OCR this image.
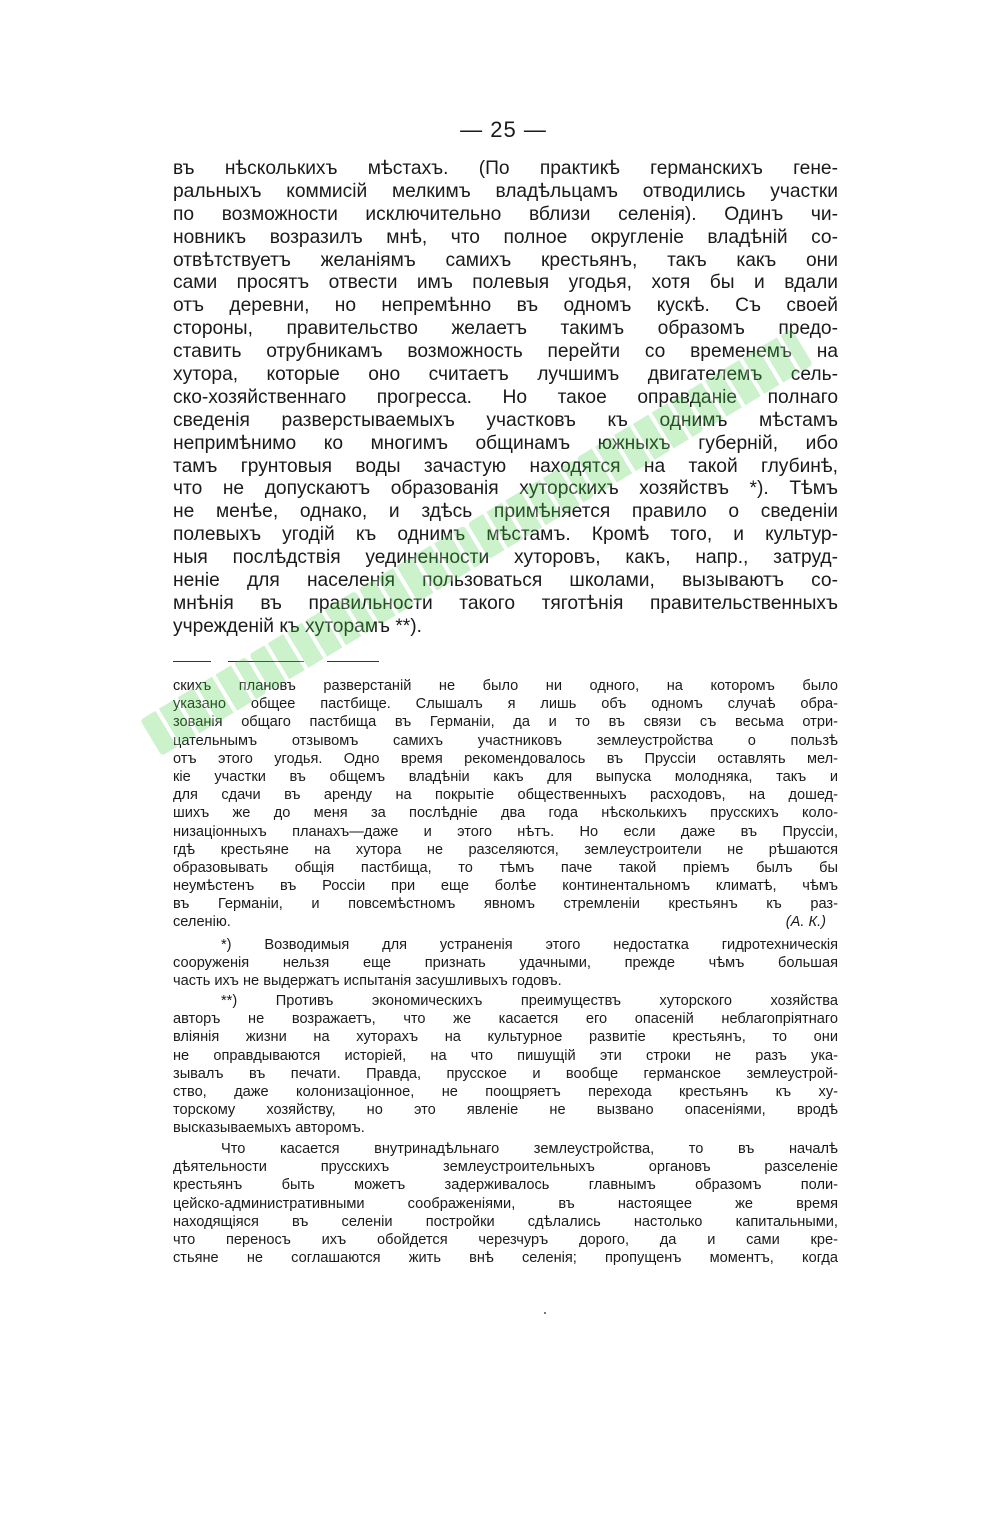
— 25 —
въ нѣсколькихъ мѣстахъ. (По практикѣ германскихъ гене-
ральныхъ коммисій мелкимъ владѣльцамъ отводились участки
по возможности исключительно вблизи селенія). Одинъ чи-
новникъ возразилъ мнѣ, что полное округленіе владѣній со-
отвѣтствуетъ желаніямъ самихъ крестьянъ, такъ какъ они
сами просятъ отвести имъ полевыя угодья, хотя бы и вдали
отъ деревни, но непремѣнно въ одномъ кускѣ. Съ своей
стороны, правительство желаетъ такимъ образомъ предо-
ставить отрубникамъ возможность перейти со временемъ на
хутора, которые оно считаетъ лучшимъ двигателемъ сель-
ско-хозяйственнаго прогресса. Но такое оправданіе полнаго
сведенія разверстываемыхъ участковъ къ однимъ мѣстамъ
непримѣнимо ко многимъ общинамъ южныхъ губерній, ибо
тамъ грунтовыя воды зачастую находятся на такой глубинѣ,
что не допускаютъ образованія хуторскихъ хозяйствъ *). Тѣмъ
не менѣе, однако, и здѣсь примѣняется правило о сведеніи
полевыхъ угодій къ однимъ мѣстамъ. Кромѣ того, и культур-
ныя послѣдствія уединенности хуторовъ, какъ, напр., затруд-
неніе для населенія пользоваться школами, вызываютъ со-
мнѣнія въ правильности такого тяготѣнія правительственныхъ
учрежденій къ хуторамъ **).
скихъ плановъ разверстаній не было ни одного, на которомъ было
указано общее пастбище. Слышалъ я лишь объ одномъ случаѣ обра-
зованія общаго пастбища въ Германіи, да и то въ связи съ весьма отри-
цательнымъ отзывомъ самихъ участниковъ землеустройства о пользѣ
отъ этого угодья. Одно время рекомендовалось въ Пруссіи оставлять мел-
кіе участки въ общемъ владѣніи какъ для выпуска молодняка, такъ и
для сдачи въ аренду на покрытіе общественныхъ расходовъ, на дошед-
шихъ же до меня за послѣдніе два года нѣсколькихъ прусскихъ коло-
низаціонныхъ планахъ—даже и этого нѣтъ. Но если даже въ Пруссіи,
гдѣ крестьяне на хутора не разселяются, землеустроители не рѣшаются
образовывать общія пастбища, то тѣмъ паче такой пріемъ былъ бы
неумѣстенъ въ Россіи при еще болѣе континентальномъ климатѣ, чѣмъ
въ Германіи, и повсемѣстномъ явномъ стремленіи крестьянъ къ раз-
селенію.	(А. К.)
*) Возводимыя для устраненія этого недостатка гидротехническія
сооруженія нельзя еще признать удачными, прежде чѣмъ большая
часть ихъ не выдержатъ испытанія засушливыхъ годовъ.
**) Противъ экономическихъ преимуществъ хуторского хозяйства
авторъ не возражаетъ, что же касается его опасеній неблагопріятнаго
вліянія жизни на хуторахъ на культурное развитіе крестьянъ, то они
не оправдываются исторіей, на что пишущій эти строки не разъ ука-
зывалъ въ печати. Правда, прусское и вообще германское землеустрой-
ство, даже колонизаціонное, не поощряетъ перехода крестьянъ къ ху-
торскому хозяйству, но это явленіе не вызвано опасеніями, вродѣ
высказываемыхъ авторомъ.
Что касается внутринадѣльнаго землеустройства, то въ началѣ
дѣятельности прусскихъ землеустроительныхъ органовъ разселеніе
крестьянъ быть можетъ задерживалось главнымъ образомъ поли-
цейско-административными соображеніями, въ настоящее же время
находящіяся въ селеніи постройки сдѣлались настолько капитальными,
что переносъ ихъ обойдется черезчуръ дорого, да и сами кре-
стьяне не соглашаются жить внѣ селенія; пропущенъ моментъ, когда
